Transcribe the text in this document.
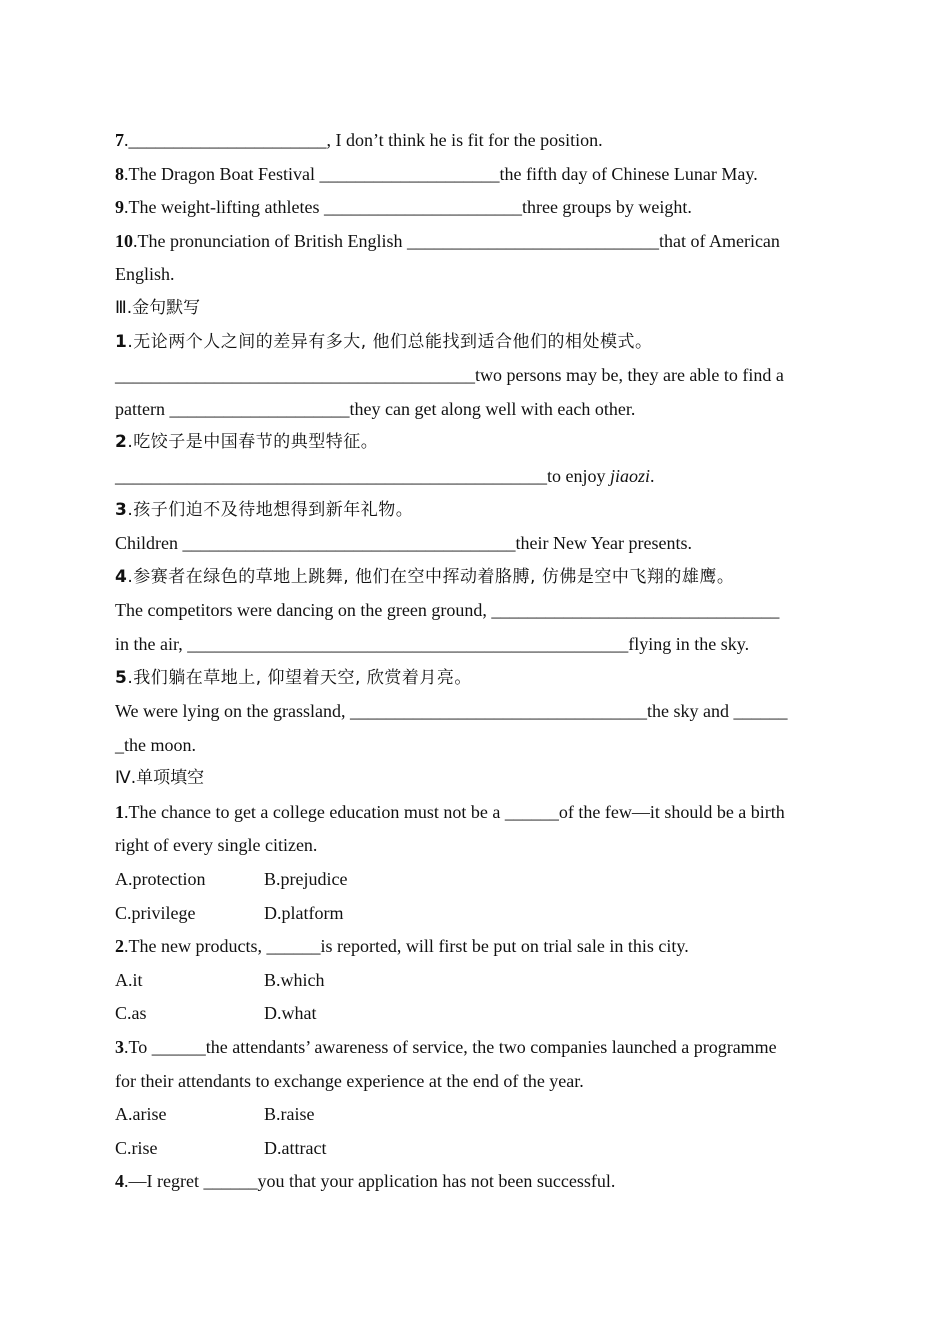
7.______________________, I don’t think he is fit for the position.
8.The Dragon Boat Festival ____________________the fifth day of Chinese Lunar May.
9.The weight-lifting athletes ______________________three groups by weight.
10.The pronunciation of British English ____________________________that of American
English.
Ⅲ.金句默写
1.无论两个人之间的差异有多大, 他们总能找到适合他们的相处模式。
________________________________________two persons may be, they are able to find a
pattern ____________________they can get along well with each other.
2.吃饺子是中国春节的典型特征。
________________________________________________to enjoy jiaozi.
3.孩子们迫不及待地想得到新年礼物。
Children _____________________________________their New Year presents.
4.参赛者在绿色的草地上跳舞, 他们在空中挥动着胳膊, 仿佛是空中飞翔的雄鹰。
The competitors were dancing on the green ground, ________________________________
in the air, _________________________________________________flying in the sky.
5.我们躺在草地上, 仰望着天空, 欣赏着月亮。
We were lying on the grassland, _________________________________the sky and ______
_the moon.
Ⅳ.单项填空
1.The chance to get a college education must not be a ______of the few—it should be a birth
right of every single citizen.
A.protection	B.prejudice
C.privilege	D.platform
2.The new products, ______is reported, will first be put on trial sale in this city.
A.it	B.which
C.as	D.what
3.To ______the attendants’ awareness of service, the two companies launched a programme
for their attendants to exchange experience at the end of the year.
A.arise	B.raise
C.rise	D.attract
4.—I regret ______you that your application has not been successful.
